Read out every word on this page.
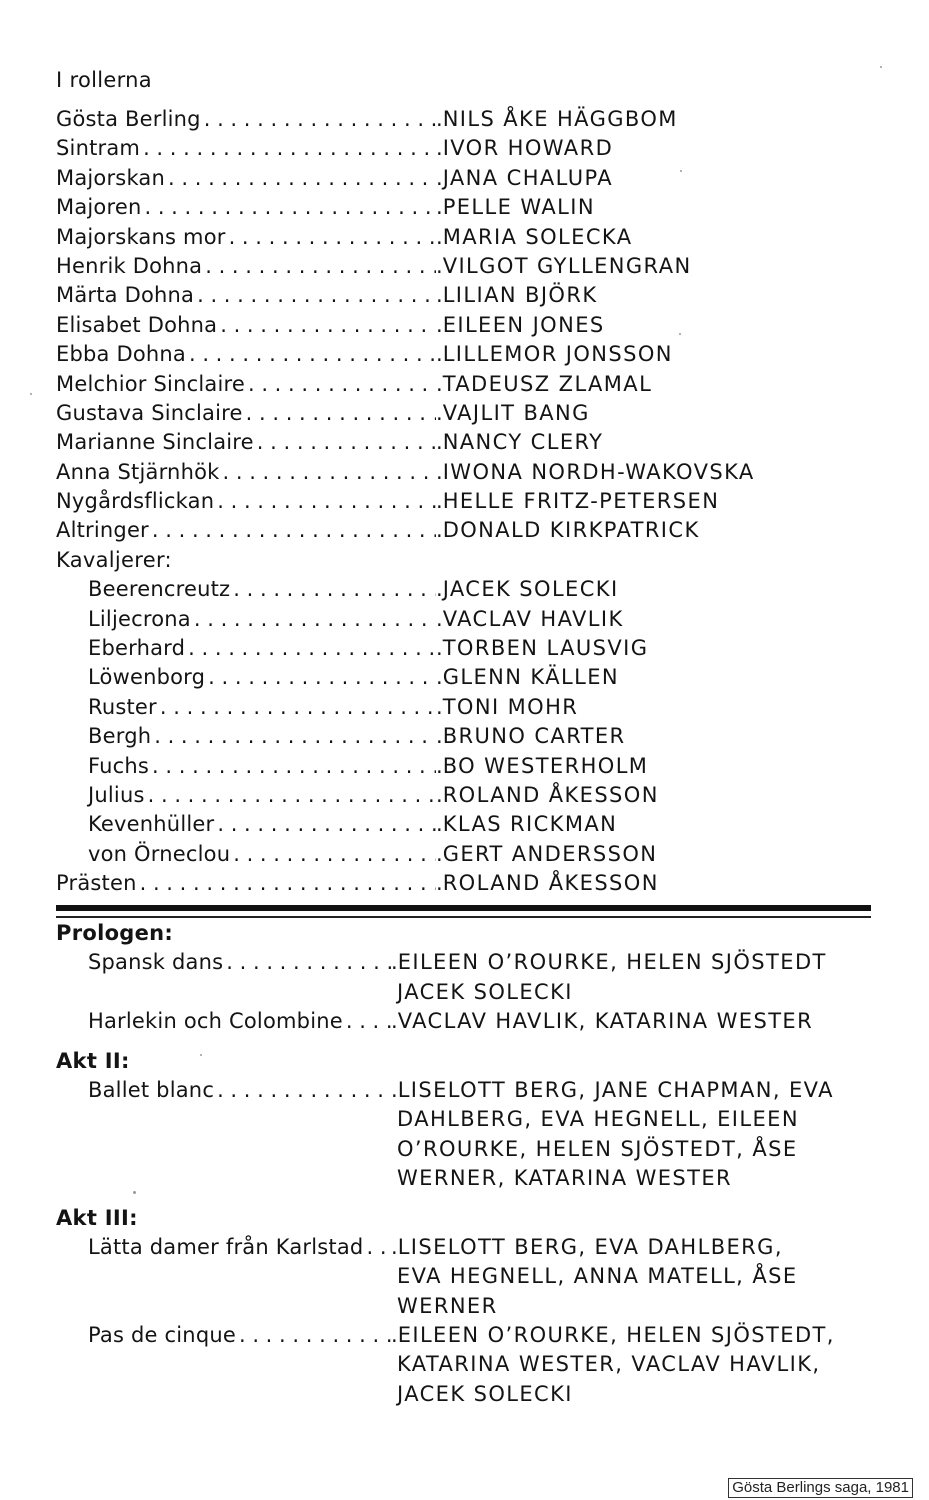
I rollerna
Gösta Berling . . .	. NILS ÅKE HÄGGBOM
Sintram . . .	. IVOR HOWARD
Majorskan . . .	. JANA CHALUPA
Majoren . . .	. PELLE WALIN
Majorskans mor . . .	. MARIA SOLECKA
Henrik Dohna . . .	. VILGOT GYLLENGRAN
Märta Dohna . . .	. LILIAN BJÖRK
Elisabet Dohna . . .	. EILEEN JONES
Ebba Dohna . . .	. LILLEMOR JONSSON
Melchior Sinclaire . . .	. TADEUSZ ZLAMAL
Gustava Sinclaire . . .	. VAJLIT BANG
Marianne Sinclaire . . .	. NANCY CLERY
Anna Stjärnhök . . .	. IWONA NORDH-WAKOVSKA
Nygårdsflickan . . .	. HELLE FRITZ-PETERSEN
Altringer . . .	. DONALD KIRKPATRICK
Kavaljerer:
Beerencreutz . . .	. JACEK SOLECKI
Liljecrona . . .	. VACLAV HAVLIK
Eberhard . . .	. TORBEN LAUSVIG
Löwenborg . . .	. GLENN KÄLLEN
Ruster . . .	. TONI MOHR
Bergh . . .	. BRUNO CARTER
Fuchs . . .	. BO WESTERHOLM
Julius . . .	. ROLAND ÅKESSON
Kevenhüller . . .	. KLAS RICKMAN
von Örneclou . . .	. GERT ANDERSSON
Prästen . . .	. ROLAND ÅKESSON
Prologen:
Spansk dans . . .	. EILEEN O’ROURKE, HELEN SJÖSTEDT
JACEK SOLECKI
Harlekin och Colombine . . .	. VACLAV HAVLIK, KATARINA WESTER
Akt II:
Ballet blanc . . .	. LISELOTT BERG, JANE CHAPMAN, EVA
DAHLBERG, EVA HEGNELL, EILEEN
O’ROURKE, HELEN SJÖSTEDT, ÅSE
WERNER, KATARINA WESTER
Akt III:
Lätta damer från Karlstad . . .	. LISELOTT BERG, EVA DAHLBERG,
EVA HEGNELL, ANNA MATELL, ÅSE
WERNER
Pas de cinque . . .	. EILEEN O’ROURKE, HELEN SJÖSTEDT,
KATARINA WESTER, VACLAV HAVLIK,
JACEK SOLECKI
Gösta Berlings saga, 1981
